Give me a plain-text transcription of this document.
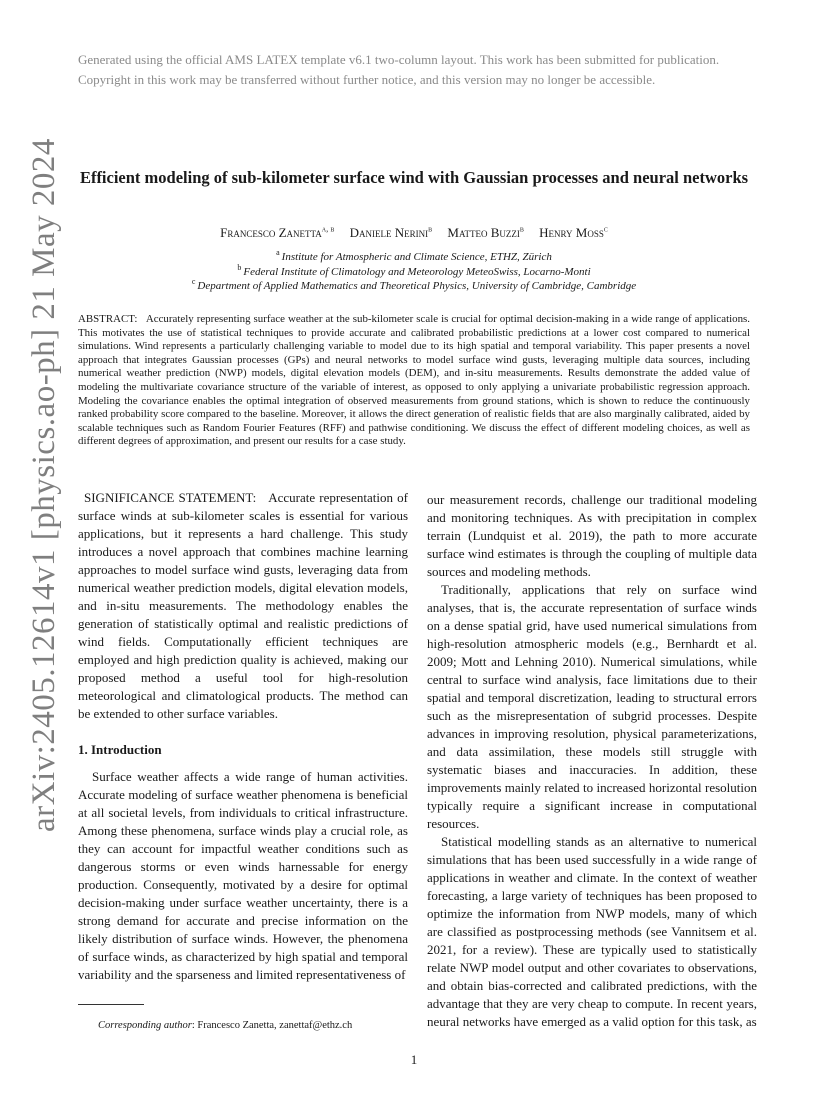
Generated using the official AMS LATEX template v6.1 two-column layout. This work has been submitted for publication. Copyright in this work may be transferred without further notice, and this version may no longer be accessible.
arXiv:2405.12614v1 [physics.ao-ph] 21 May 2024 Efficient modeling of sub-kilometer surface wind with Gaussian processes and neural networks
Francesco Zanetta$^{a, b}$ Daniele Nerini$^b$ Matteo Buzzi$^b$ Henry Moss$^c$
$^a$ Institute for Atmospheric and Climate Science, ETHZ, Zürich
$^b$ Federal Institute of Climatology and Meteorology MeteoSwiss, Locarno-Monti
$^c$ Department of Applied Mathematics and Theoretical Physics, University of Cambridge, Cambridge
ABSTRACT: Accurately representing surface weather at the sub-kilometer scale is crucial for optimal decision-making in a wide range of applications. This motivates the use of statistical techniques to provide accurate and calibrated probabilistic predictions at a lower cost compared to numerical simulations. Wind represents a particularly challenging variable to model due to its high spatial and temporal variability. This paper presents a novel approach that integrates Gaussian processes (GPs) and neural networks to model surface wind gusts, leveraging multiple data sources, including numerical weather prediction (NWP) models, digital elevation models (DEM), and in-situ measurements. Results demonstrate the added value of modeling the multivariate covariance structure of the variable of interest, as opposed to only applying a univariate probabilistic regression approach. Modeling the covariance enables the optimal integration of observed measurements from ground stations, which is shown to reduce the continuously ranked probability score compared to the baseline. Moreover, it allows the direct generation of realistic fields that are also marginally calibrated, aided by scalable techniques such as Random Fourier Features (RFF) and pathwise conditioning. We discuss the effect of different modeling choices, as well as different degrees of approximation, and present our results for a case study.

SIGNIFICANCE STATEMENT: Accurate representation of surface winds at sub-kilometer scales is essential for various applications, but it represents a hard challenge. This study introduces a novel approach that combines machine learning approaches to model surface wind gusts, leveraging data from numerical weather prediction models, digital elevation models, and in-situ measurements. The methodology enables the generation of statistically optimal and realistic predictions of wind fields. Computationally efficient techniques are employed and high prediction quality is achieved, making our proposed method a useful tool for high-resolution meteorological and climatological products. The method can be extended to other surface variables.

1. Introduction

Surface weather affects a wide range of human activities. Accurate modeling of surface weather phenomena is beneficial at all societal levels, from individuals to critical infrastructure. Among these phenomena, surface winds play a crucial role, as they can account for impactful weather conditions such as dangerous storms or even winds harnessable for energy production. Consequently, motivated by a desire for optimal decision-making under surface weather uncertainty, there is a strong demand for accurate and precise information on the likely distribution of surface winds. However, the phenomena of surface winds, as characterized by high spatial and temporal variability and the sparseness and limited representativeness of

our measurement records, challenge our traditional modeling and monitoring techniques. As with precipitation in complex terrain (Lundquist et al. 2019), the path to more accurate surface wind estimates is through the coupling of multiple data sources and modeling methods.

Traditionally, applications that rely on surface wind analyses, that is, the accurate representation of surface winds on a dense spatial grid, have used numerical simulations from high-resolution atmospheric models (e.g., Bernhardt et al. 2009; Mott and Lehning 2010). Numerical simulations, while central to surface wind analysis, face limitations due to their spatial and temporal discretization, leading to structural errors such as the misrepresentation of subgrid processes. Despite advances in improving resolution, physical parameterizations, and data assimilation, these models still struggle with systematic biases and inaccuracies. In addition, these improvements mainly related to increased horizontal resolution typically require a significant increase in computational resources.

Statistical modelling stands as an alternative to numerical simulations that has been used successfully in a wide range of applications in weather and climate. In the context of weather forecasting, a large variety of techniques has been proposed to optimize the information from NWP models, many of which are classified as postprocessing methods (see Vannitsem et al. 2021, for a review). These are typically used to statistically relate NWP model output and other covariates to observations, and obtain bias-corrected and calibrated predictions, with the advantage that they are very cheap to compute. In recent years, neural networks have emerged as a valid option for this task, as

Corresponding author: Francesco Zanetta, zanettaf@ethz.ch
1
